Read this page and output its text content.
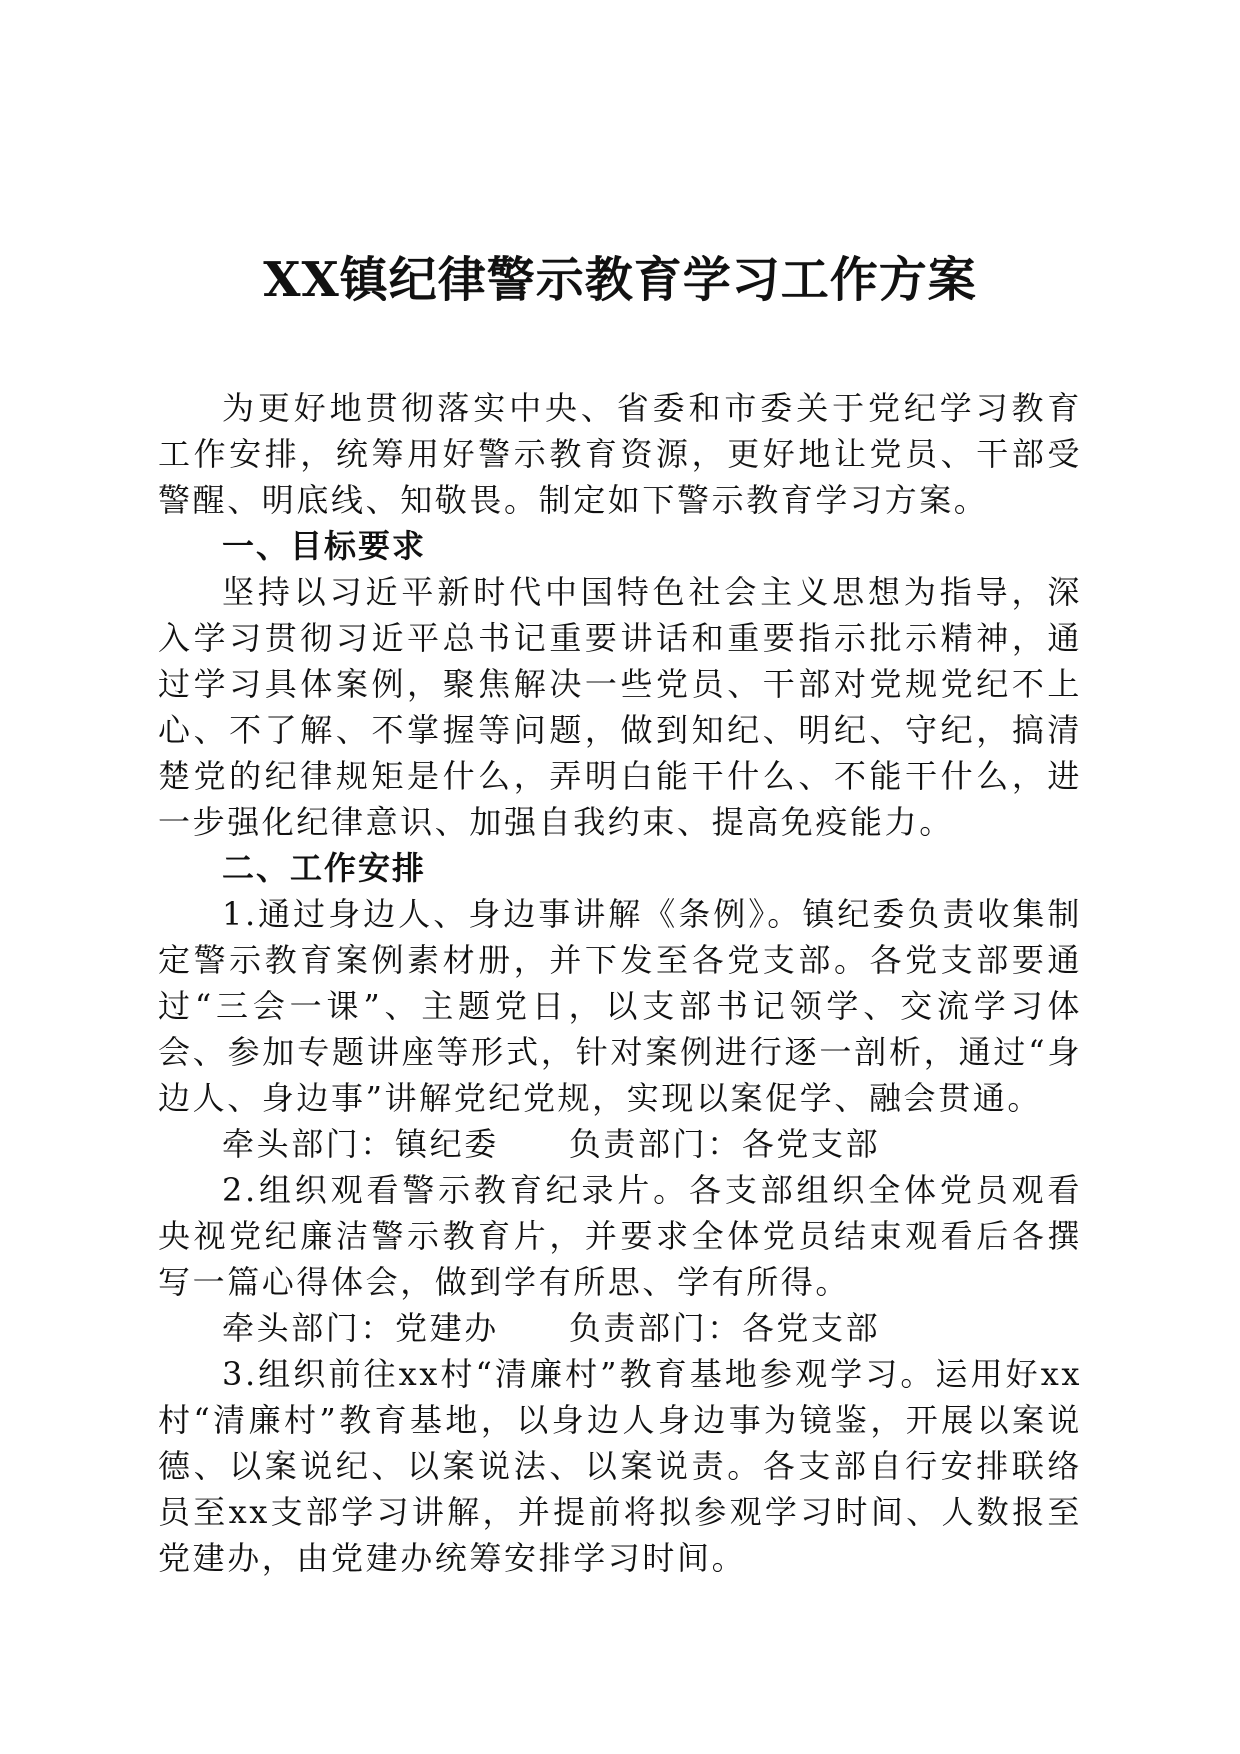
XX镇纪律警示教育学习工作方案

为更好地贯彻落实中央、省委和市委关于党纪学习教育工作安排，统筹用好警示教育资源，更好地让党员、干部受警醒、明底线、知敬畏。制定如下警示教育学习方案。

一、目标要求

坚持以习近平新时代中国特色社会主义思想为指导，深入学习贯彻习近平总书记重要讲话和重要指示批示精神，通过学习具体案例，聚焦解决一些党员、干部对党规党纪不上心、不了解、不掌握等问题，做到知纪、明纪、守纪，搞清楚党的纪律规矩是什么，弄明白能干什么、不能干什么，进一步强化纪律意识、加强自我约束、提高免疫能力。

二、工作安排

1.通过身边人、身边事讲解《条例》。镇纪委负责收集制定警示教育案例素材册，并下发至各党支部。各党支部要通过“三会一课”、主题党日，以支部书记领学、交流学习体会、参加专题讲座等形式，针对案例进行逐一剖析，通过“身边人、身边事”讲解党纪党规，实现以案促学、融会贯通。

牵头部门：镇纪委 负责部门：各党支部

2.组织观看警示教育纪录片。各支部组织全体党员观看央视党纪廉洁警示教育片，并要求全体党员结束观看后各撰写一篇心得体会，做到学有所思、学有所得。

牵头部门：党建办 负责部门：各党支部

3.组织前往xx村“清廉村”教育基地参观学习。运用好xx村“清廉村”教育基地，以身边人身边事为镜鉴，开展以案说德、以案说纪、以案说法、以案说责。各支部自行安排联络员至xx支部学习讲解，并提前将拟参观学习时间、人数报至党建办，由党建办统筹安排学习时间。
